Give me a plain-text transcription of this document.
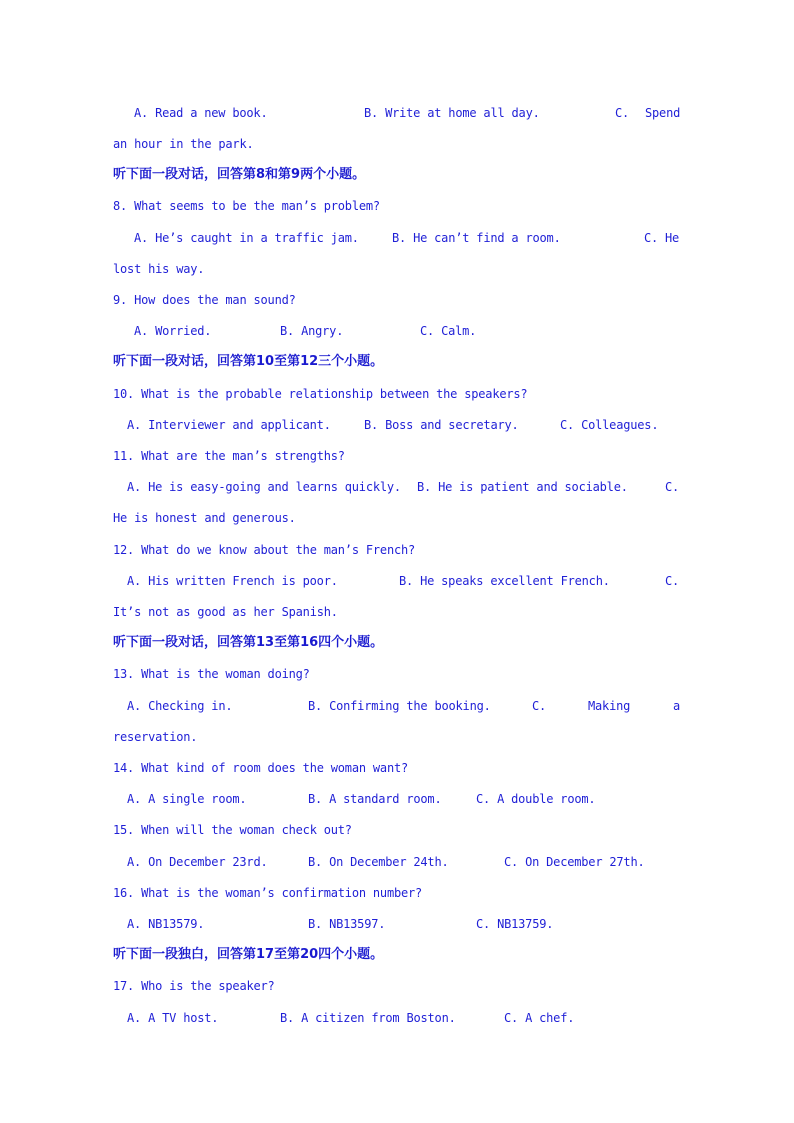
A. Read a new book.	B. Write at home all day.	C. Spend
an hour in the park.
听下面一段对话，回答第8和第9两个小题。
8. What seems to be the man’s problem?
A. He’s caught in a traffic jam.	B. He can’t find a room.	C. He
lost his way.
9. How does the man sound?
A. Worried.	B. Angry.	C. Calm.
听下面一段对话，回答第10至第12三个小题。
10. What is the probable relationship between the speakers?
A. Interviewer and applicant.	B. Boss and secretary.	C. Colleagues.
11. What are the man’s strengths?
A. He is easy-going and learns quickly. B. He is patient and sociable.	C.
He is honest and generous.
12. What do we know about the man’s French?
A. His written French is poor.	B. He speaks excellent French.	C.
It’s not as good as her Spanish.
听下面一段对话，回答第13至第16四个小题。
13. What is the woman doing?
A. Checking in.	B. Confirming the booking.	C.	Making	a
reservation.
14. What kind of room does the woman want?
A. A single room.	B. A standard room.	C. A double room.
15. When will the woman check out?
A. On December 23rd.	B. On December 24th.	C. On December 27th.
16. What is the woman’s confirmation number?
A. NB13579.	B. NB13597.	C. NB13759.
听下面一段独白，回答第17至第20四个小题。
17. Who is the speaker?
A. A TV host.	B. A citizen from Boston.	C. A chef.
